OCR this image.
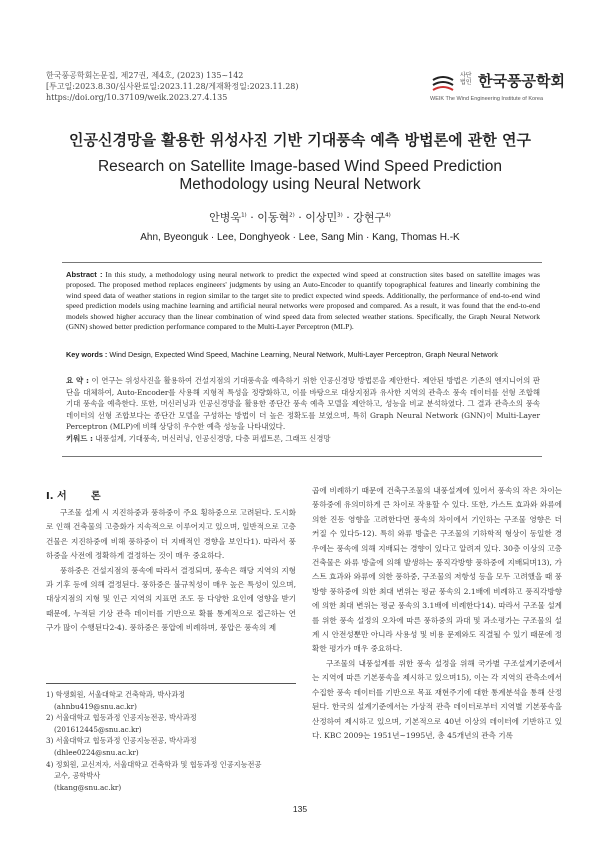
한국풍공학회논문집, 제27권, 제4호, (2023) 135~142
[투고일:2023.8.30/심사완료일:2023.11.28/게재확정일:2023.11.28)
https://doi.org/10.37109/weik.2023.27.4.135
사단
법인 한국풍공학회
WEIK The Wind Engineering Institute of Korea
인공신경망을 활용한 위성사진 기반 기대풍속 예측 방법론에 관한 연구
Research on Satellite Image-based Wind Speed Prediction Methodology using Neural Network
안병욱$^{1)}$ · 이동혁$^{2)}$ · 이상민$^{3)}$ · 강현구$^{4)}$
Ahn, Byeonguk · Lee, Donghyeok · Lee, Sang Min · Kang, Thomas H.-K
Abstract : In this study, a methodology using neural network to predict the expected wind speed at construction sites based on satellite images was proposed. The proposed method replaces engineers' judgments by using an Auto-Encoder to quantify topographical features and linearly combining the wind speed data of weather stations in region similar to the target site to predict expected wind speeds. Additionally, the performance of end-to-end wind speed prediction models using machine learning and artificial neural networks were proposed and compared. As a result, it was found that the end-to-end models showed higher accuracy than the linear combination of wind speed data from selected weather stations. Specifically, the Graph Neural Network (GNN) showed better prediction performance compared to the Multi-Layer Perceptron (MLP).
Key words : Wind Design, Expected Wind Speed, Machine Learning, Neural Network, Multi-Layer Perceptron, Graph Neural Network
요 약 : 이 연구는 위성사진을 활용하여 건설지점의 기대풍속을 예측하기 위한 인공신경망 방법론을 제안한다. 제안된 방법은 기존의 엔지니어의 판단을 대체하여, Auto-Encoder를 사용해 지형적 특성을 정량화하고, 이를 바탕으로 대상지점과 유사한 지역의 관측소 풍속 데이터를 선형 조합해 기대 풍속을 예측한다. 또한, 머신러닝과 인공신경망을 활용한 종단간 풍속 예측 모델을 제안하고, 성능을 비교 분석하였다. 그 결과 관측소의 풍속 데이터의 선형 조합보다는 종단간 모델을 구성하는 방법이 더 높은 정확도를 보였으며, 특히 Graph Neural Network (GNN)이 Multi-Layer Perceptron (MLP)에 비해 상당히 우수한 예측 성능을 나타내었다.
키워드 : 내풍설계, 기대풍속, 머신러닝, 인공신경망, 다층 퍼셉트론, 그래프 신경망
I. 서       론

구조물 설계 시 지진하중과 풍하중이 주요 횡하중으로 고려된다. 도시화로 인해 건축물의 고층화가 지속적으로 이루어지고 있으며, 일반적으로 고층 건물은 지진하중에 비해 풍하중이 더 지배적인 경향을 보인다1). 따라서 풍하중을 사전에 정확하게 결정하는 것이 매우 중요하다.

풍하중은 건설지점의 풍속에 따라서 결정되며, 풍속은 해당 지역의 지형과 기후 등에 의해 결정된다. 풍하중은 불규칙성이 매우 높은 특성이 있으며, 대상지점의 지형 및 인근 지역의 지표면 조도 등 다양한 요인에 영향을 받기 때문에, 누적된 기상 관측 데이터를 기반으로 확률 통계적으로 접근하는 연구가 많이 수행된다2-4). 풍하중은 풍압에 비례하며, 풍압은 풍속의 제

곱에 비례하기 때문에 건축구조물의 내풍설계에 있어서 풍속의 작은 차이는 풍하중에 유의미하게 큰 차이로 작용할 수 있다. 또한, 가스트 효과와 와류에 의한 진동 영향을 고려한다면 풍속의 차이에서 기인하는 구조물 영향은 더 커질 수 있다5-12). 특히 와류 방출은 구조물의 기하학적 형상이 동일한 경우에는 풍속에 의해 지배되는 경향이 있다고 알려져 있다. 30층 이상의 고층건축물은 와류 방출에 의해 발생하는 풍직각방향 풍하중에 지배되며13), 가스트 효과와 와류에 의한 풍하중, 구조물의 저항성 등을 모두 고려했을 때 풍방향 풍하중에 의한 최대 변위는 평균 풍속의 2.1배에 비례하고 풍직각방향에 의한 최대 변위는 평균 풍속의 3.1배에 비례한다14). 따라서 구조물 설계를 위한 풍속 설정의 오차에 따른 풍하중의 과대 및 과소평가는 구조물의 설계 시 안전성뿐만 아니라 사용성 및 비용 문제와도 직결될 수 있기 때문에 정확한 평가가 매우 중요하다.

구조물의 내풍설계를 위한 풍속 설정을 위해 국가별 구조설계기준에서는 지역에 따른 기본풍속을 제시하고 있으며15), 이는 각 지역의 관측소에서 수집한 풍속 데이터를 기반으로 목표 재현주기에 대한 통계분석을 통해 산정된다. 한국의 설계기준에서는 가상적 관측 데이터로부터 지역별 기본풍속을 산정하여 제시하고 있으며, 기본적으로 40년 이상의 데이터에 기반하고 있다. KBC 2009는 1951년~1995년, 총 45개년의 관측 기록

1) 학생회원, 서울대학교 건축학과, 박사과정
(ahnbu419@snu.ac.kr)
2) 서울대학교 협동과정 인공지능전공, 박사과정
(201612445@snu.ac.kr)
3) 서울대학교 협동과정 인공지능전공, 박사과정
(dhlee0224@snu.ac.kr)
4) 정회원, 교신저자, 서울대학교 건축학과 및 협동과정 인공지능전공
교수, 공학박사
(tkang@snu.ac.kr)
135
